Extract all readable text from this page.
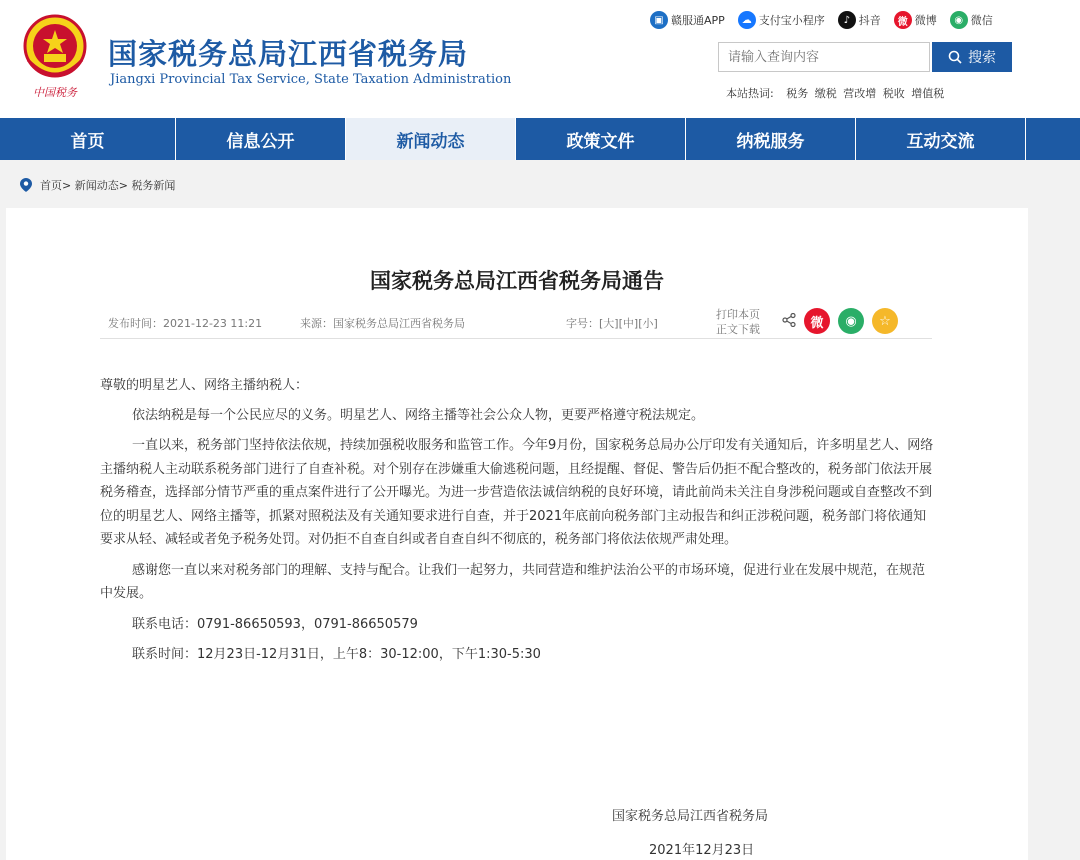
中国税务
国家税务总局江西省税务局
Jiangxi Provincial Tax Service, State Taxation Administration
▣ 赣服通APP	☁ 支付宝小程序	♪ 抖音	微 微博	◉ 微信
请输入查询内容
搜索
本站热词: 税务 缴税 营改增 税收 增值税
首页	信息公开	新闻动态	政策文件	纳税服务	互动交流
首页 > 新闻动态 > 税务新闻
国家税务总局江西省税务局通告
发布时间：2021-12-23 11:21	来源：国家税务总局江西省税务局	字号：[大][中][小]
打印本页
正文下载	微	◉	☆

尊敬的明星艺人、网络主播纳税人：

依法纳税是每一个公民应尽的义务。明星艺人、网络主播等社会公众人物，更要严格遵守税法规定。

一直以来，税务部门坚持依法依规，持续加强税收服务和监管工作。今年9月份，国家税务总局办公厅印发有关通知后，许多明星艺人、网络主播纳税人主动联系税务部门进行了自查补税。对个别存在涉嫌重大偷逃税问题，且经提醒、督促、警告后仍拒不配合整改的，税务部门依法开展税务稽查，选择部分情节严重的重点案件进行了公开曝光。为进一步营造依法诚信纳税的良好环境，请此前尚未关注自身涉税问题或自查整改不到位的明星艺人、网络主播等，抓紧对照税法及有关通知要求进行自查，并于2021年底前向税务部门主动报告和纠正涉税问题，税务部门将依通知要求从轻、减轻或者免予税务处罚。对仍拒不自查自纠或者自查自纠不彻底的，税务部门将依法依规严肃处理。

感谢您一直以来对税务部门的理解、支持与配合。让我们一起努力，共同营造和维护法治公平的市场环境，促进行业在发展中规范，在规范中发展。

联系电话：0791-86650593，0791-86650579

联系时间：12月23日-12月31日，上午8：30-12:00，下午1:30-5:30

国家税务总局江西省税务局
2021年12月23日
